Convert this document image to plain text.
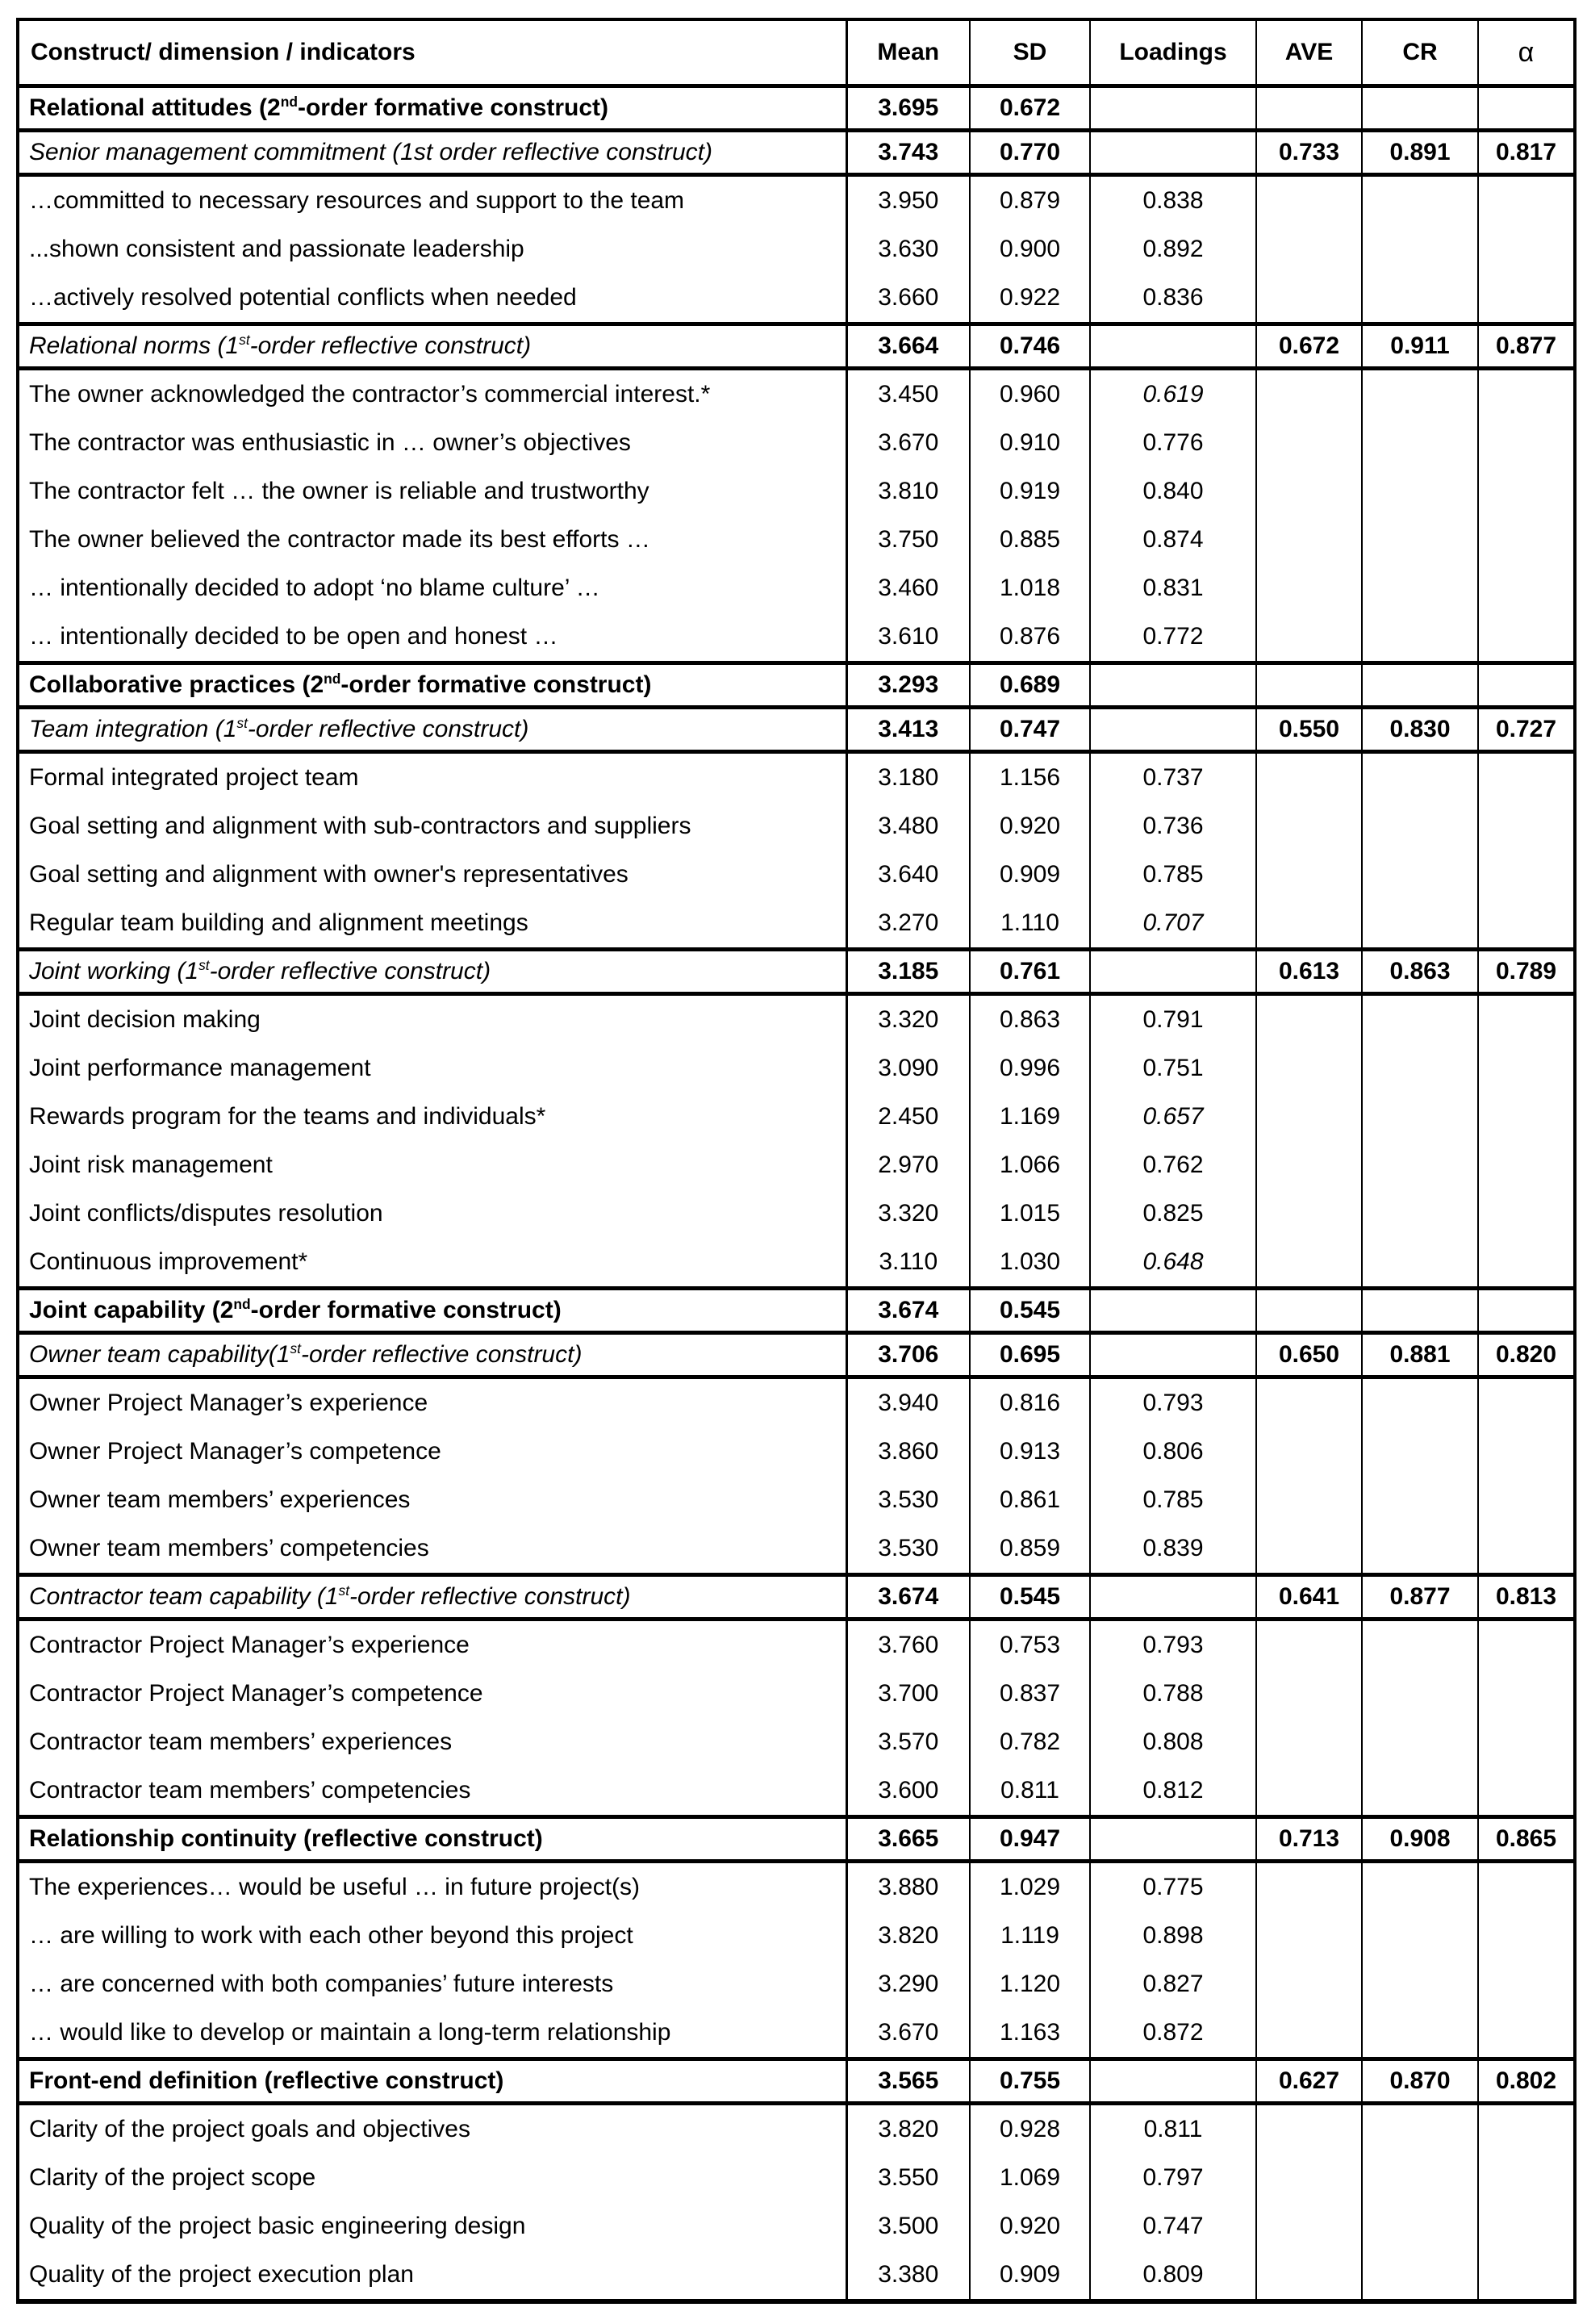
Construct/ dimension / indicators	Mean	SD	Loadings	AVE	CR	α
Relational attitudes (2nd-order formative construct)	3.695	0.672				
Senior management commitment (1st order reflective construct)	3.743	0.770		0.733	0.891	0.817
…committed to necessary resources and support to the team	3.950	0.879	0.838			
...shown consistent and passionate leadership	3.630	0.900	0.892			
…actively resolved potential conflicts when needed	3.660	0.922	0.836			
Relational norms (1st-order reflective construct)	3.664	0.746		0.672	0.911	0.877
The owner acknowledged the contractor’s commercial interest.*	3.450	0.960	0.619			
The contractor was enthusiastic in … owner’s objectives	3.670	0.910	0.776			
The contractor felt … the owner is reliable and trustworthy	3.810	0.919	0.840			
The owner believed the contractor made its best efforts …	3.750	0.885	0.874			
… intentionally decided to adopt ‘no blame culture’ …	3.460	1.018	0.831			
… intentionally decided to be open and honest …	3.610	0.876	0.772			
Collaborative practices (2nd-order formative construct)	3.293	0.689				
Team integration (1st-order reflective construct)	3.413	0.747		0.550	0.830	0.727
Formal integrated project team	3.180	1.156	0.737			
Goal setting and alignment with sub-contractors and suppliers	3.480	0.920	0.736			
Goal setting and alignment with owner's representatives	3.640	0.909	0.785			
Regular team building and alignment meetings	3.270	1.110	0.707			
Joint working (1st-order reflective construct)	3.185	0.761		0.613	0.863	0.789
Joint decision making	3.320	0.863	0.791			
Joint performance management	3.090	0.996	0.751			
Rewards program for the teams and individuals*	2.450	1.169	0.657			
Joint risk management	2.970	1.066	0.762			
Joint conflicts/disputes resolution	3.320	1.015	0.825			
Continuous improvement*	3.110	1.030	0.648			
Joint capability (2nd-order formative construct)	3.674	0.545				
Owner team capability(1st-order reflective construct)	3.706	0.695		0.650	0.881	0.820
Owner Project Manager’s experience	3.940	0.816	0.793			
Owner Project Manager’s competence	3.860	0.913	0.806			
Owner team members’ experiences	3.530	0.861	0.785			
Owner team members’ competencies	3.530	0.859	0.839			
Contractor team capability (1st-order reflective construct)	3.674	0.545		0.641	0.877	0.813
Contractor Project Manager’s experience	3.760	0.753	0.793			
Contractor Project Manager’s competence	3.700	0.837	0.788			
Contractor team members’ experiences	3.570	0.782	0.808			
Contractor team members’ competencies	3.600	0.811	0.812			
Relationship continuity (reflective construct)	3.665	0.947		0.713	0.908	0.865
The experiences… would be useful … in future project(s)	3.880	1.029	0.775			
… are willing to work with each other beyond this project	3.820	1.119	0.898			
… are concerned with both companies’ future interests	3.290	1.120	0.827			
… would like to develop or maintain a long-term relationship	3.670	1.163	0.872			
Front-end definition (reflective construct)	3.565	0.755		0.627	0.870	0.802
Clarity of the project goals and objectives	3.820	0.928	0.811			
Clarity of the project scope	3.550	1.069	0.797			
Quality of the project basic engineering design	3.500	0.920	0.747			
Quality of the project execution plan	3.380	0.909	0.809			
